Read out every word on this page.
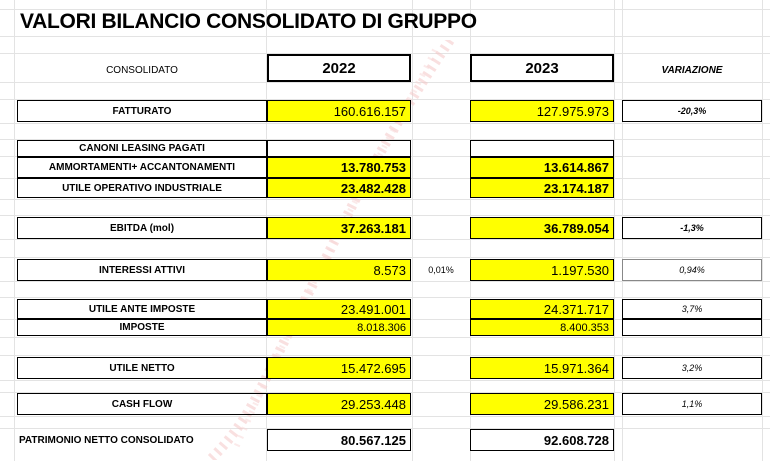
VALORI BILANCIO CONSOLIDATO DI GRUPPO
CONSOLIDATO	2022	2023	VARIAZIONE
FATTURATO	160.616.157	127.975.973	-20,3%
CANONI LEASING PAGATI
AMMORTAMENTI+ ACCANTONAMENTI	13.780.753	13.614.867
UTILE OPERATIVO INDUSTRIALE	23.482.428	23.174.187
EBITDA (mol)	37.263.181	36.789.054	-1,3%
INTERESSI ATTIVI	8.573	0,01%	1.197.530	0,94%
UTILE ANTE IMPOSTE	23.491.001	24.371.717	3,7%
IMPOSTE	8.018.306	8.400.353
UTILE NETTO	15.472.695	15.971.364	3,2%
CASH FLOW	29.253.448	29.586.231	1,1%
PATRIMONIO NETTO CONSOLIDATO	80.567.125	92.608.728
